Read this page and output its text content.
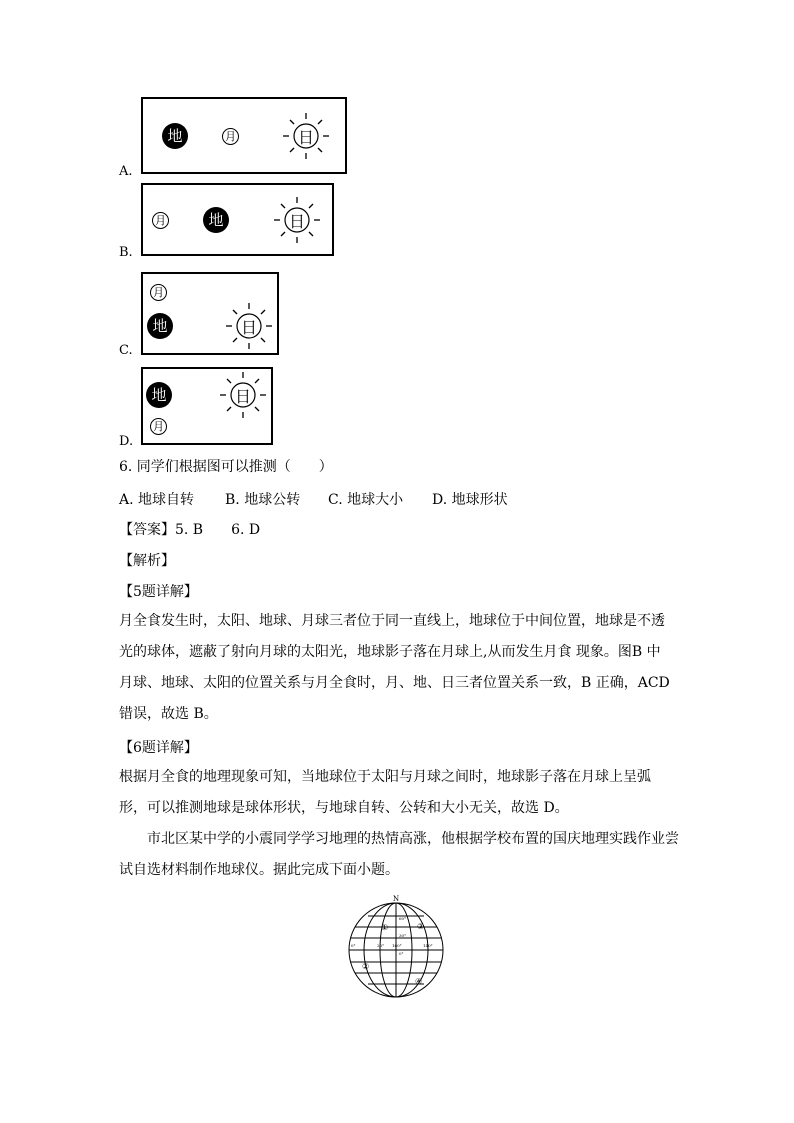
A.
地	月	日
B.
月	地	日
C.
月
地	日
D.
地
月
日
6. 同学们根据图可以推测（　　）
A. 地球自转 B. 地球公转 C. 地球大小 D. 地球形状
【答案】5. B　　6. D
【解析】
【5题详解】
月全食发生时，太阳、地球、月球三者位于同一直线上，地球位于中间位置，地球是不透
光的球体，遮蔽了射向月球的太阳光，地球影子落在月球上,从而发生月食 现象。图B 中
月球、地球、太阳的位置关系与月全食时，月、地、日三者位置关系一致，B 正确，ACD
错误，故选 B。
【6题详解】
根据月全食的地理现象可知，当地球位于太阳与月球之间时，地球影子落在月球上呈弧
形，可以推测地球是球体形状，与地球自转、公转和大小无关，故选 D。
　　市北区某中学的小震同学学习地理的热情高涨，他根据学校布置的国庆地理实践作业尝
试自选材料制作地球仪。据此完成下面小题。
N
60°
30°
0°
0°	20° 160°	140°
①
②
③
④
